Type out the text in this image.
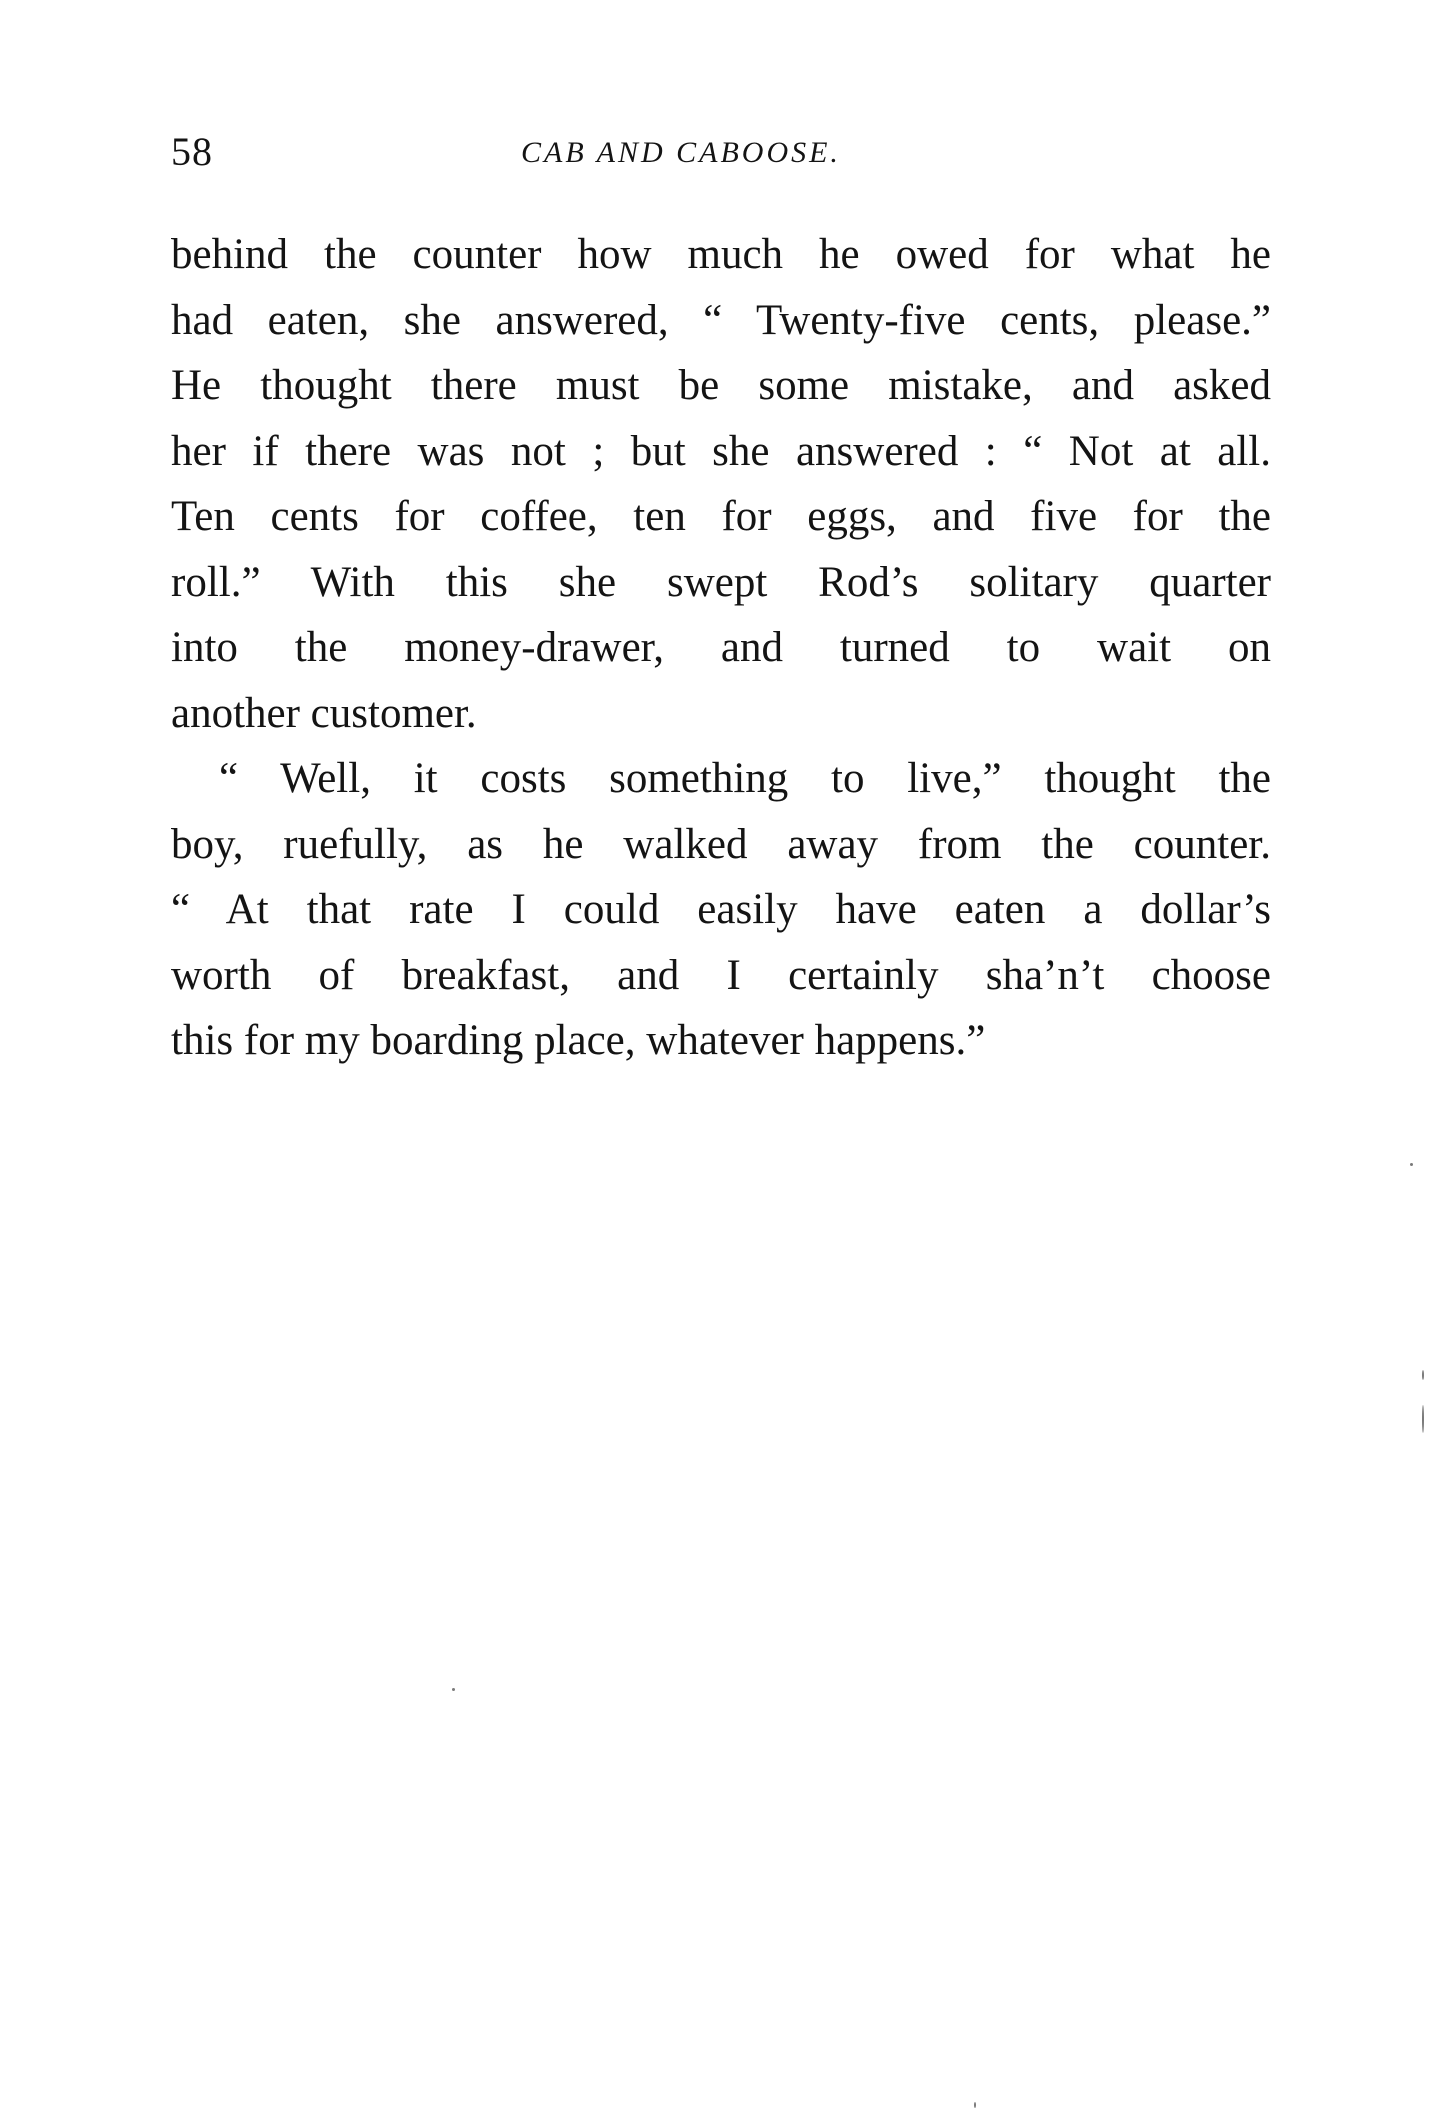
58	CAB AND CABOOSE.
behind the counter how much he owed for what he
had eaten, she answered, “ Twenty-five cents, please.”
He thought there must be some mistake, and asked
her if there was not ; but she answered : “ Not at all.
Ten cents for coffee, ten for eggs, and five for the
roll.” With this she swept Rod’s solitary quarter
into the money-drawer, and turned to wait on
another customer.
“ Well, it costs something to live,” thought the
boy, ruefully, as he walked away from the counter.
“ At that rate I could easily have eaten a dollar’s
worth of breakfast, and I certainly sha’n’t choose
this for my boarding place, whatever happens.”
